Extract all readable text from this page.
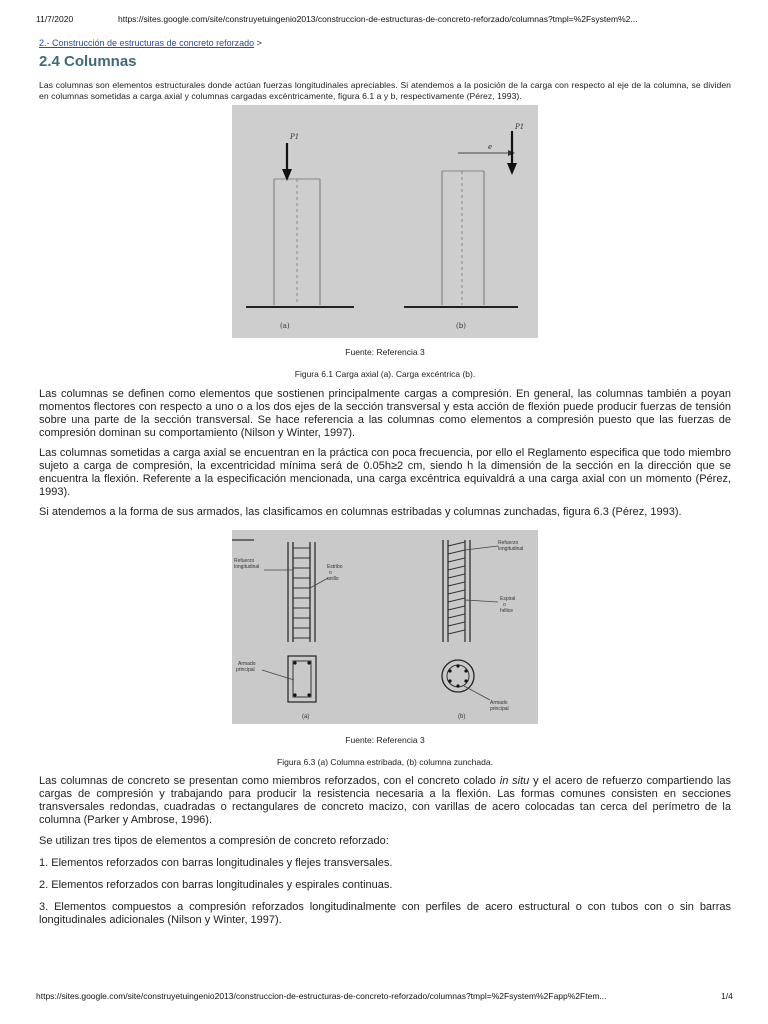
11/7/2020	https://sites.google.com/site/construyetuingenio2013/construccion-de-estructuras-de-concreto-reforzado/columnas?tmpl=%2Fsystem%2...
2.- Construcción de estructuras de concreto reforzado >
2.4 Columnas

Las columnas son elementos estructurales donde actúan fuerzas longitudinales apreciables. Si atendemos a la posición de la carga con respecto al eje de la columna, se dividen en columnas sometidas a carga axial y columnas cargadas excéntricamente, figura 6.1 a y b, respectivamente (Pérez, 1993).

P1
(a)
e
P1
(b)

Fuente: Referencia 3

Figura 6.1 Carga axial (a). Carga excéntrica (b).

Las columnas se definen como elementos que sostienen principalmente cargas a compresión. En general, las columnas también a poyan momentos flectores con respecto a uno o a los dos ejes de la sección transversal y esta acción de flexión puede producir fuerzas de tensión sobre una parte de la sección transversal. Se hace referencia a las columnas como elementos a compresión puesto que las fuerzas de compresión dominan su comportamiento (Nilson y Winter, 1997).

Las columnas sometidas a carga axial se encuentran en la práctica con poca frecuencia, por ello el Reglamento especifica que todo miembro sujeto a carga de compresión, la excentricidad mínima será de 0.05h≥2 cm, siendo h la dimensión de la sección en la dirección que se encuentra la flexión. Referente a la especificación mencionada, una carga excéntrica equivaldrá a una carga axial con un momento (Pérez, 1993).

Si atendemos a la forma de sus armados, las clasificamos en columnas estribadas y columnas zunchadas, figura 6.3 (Pérez, 1993).

Refuerzo
longitudinal	Estribo
o
anillo
Armado
principal
(a)
Refuerzo
longitudinal
Espiral
o
hélice
Armado
principal
(b)

Fuente: Referencia 3

Figura 6.3 (a) Columna estribada, (b) columna zunchada.

Las columnas de concreto se presentan como miembros reforzados, con el concreto colado in situ y el acero de refuerzo compartiendo las cargas de compresión y trabajando para producir la resistencia necesaria a la flexión. Las formas comunes consisten en secciones transversales redondas, cuadradas o rectangulares de concreto macizo, con varillas de acero colocadas tan cerca del perímetro de la columna (Parker y Ambrose, 1996).

Se utilizan tres tipos de elementos a compresión de concreto reforzado:

1. Elementos reforzados con barras longitudinales y flejes transversales.
2. Elementos reforzados con barras longitudinales y espirales continuas.
3. Elementos compuestos a compresión reforzados longitudinalmente con perfiles de acero estructural o con tubos con o sin barras longitudinales adicionales (Nilson y Winter, 1997).
https://sites.google.com/site/construyetuingenio2013/construccion-de-estructuras-de-concreto-reforzado/columnas?tmpl=%2Fsystem%2Fapp%2Ftem...	1/4
